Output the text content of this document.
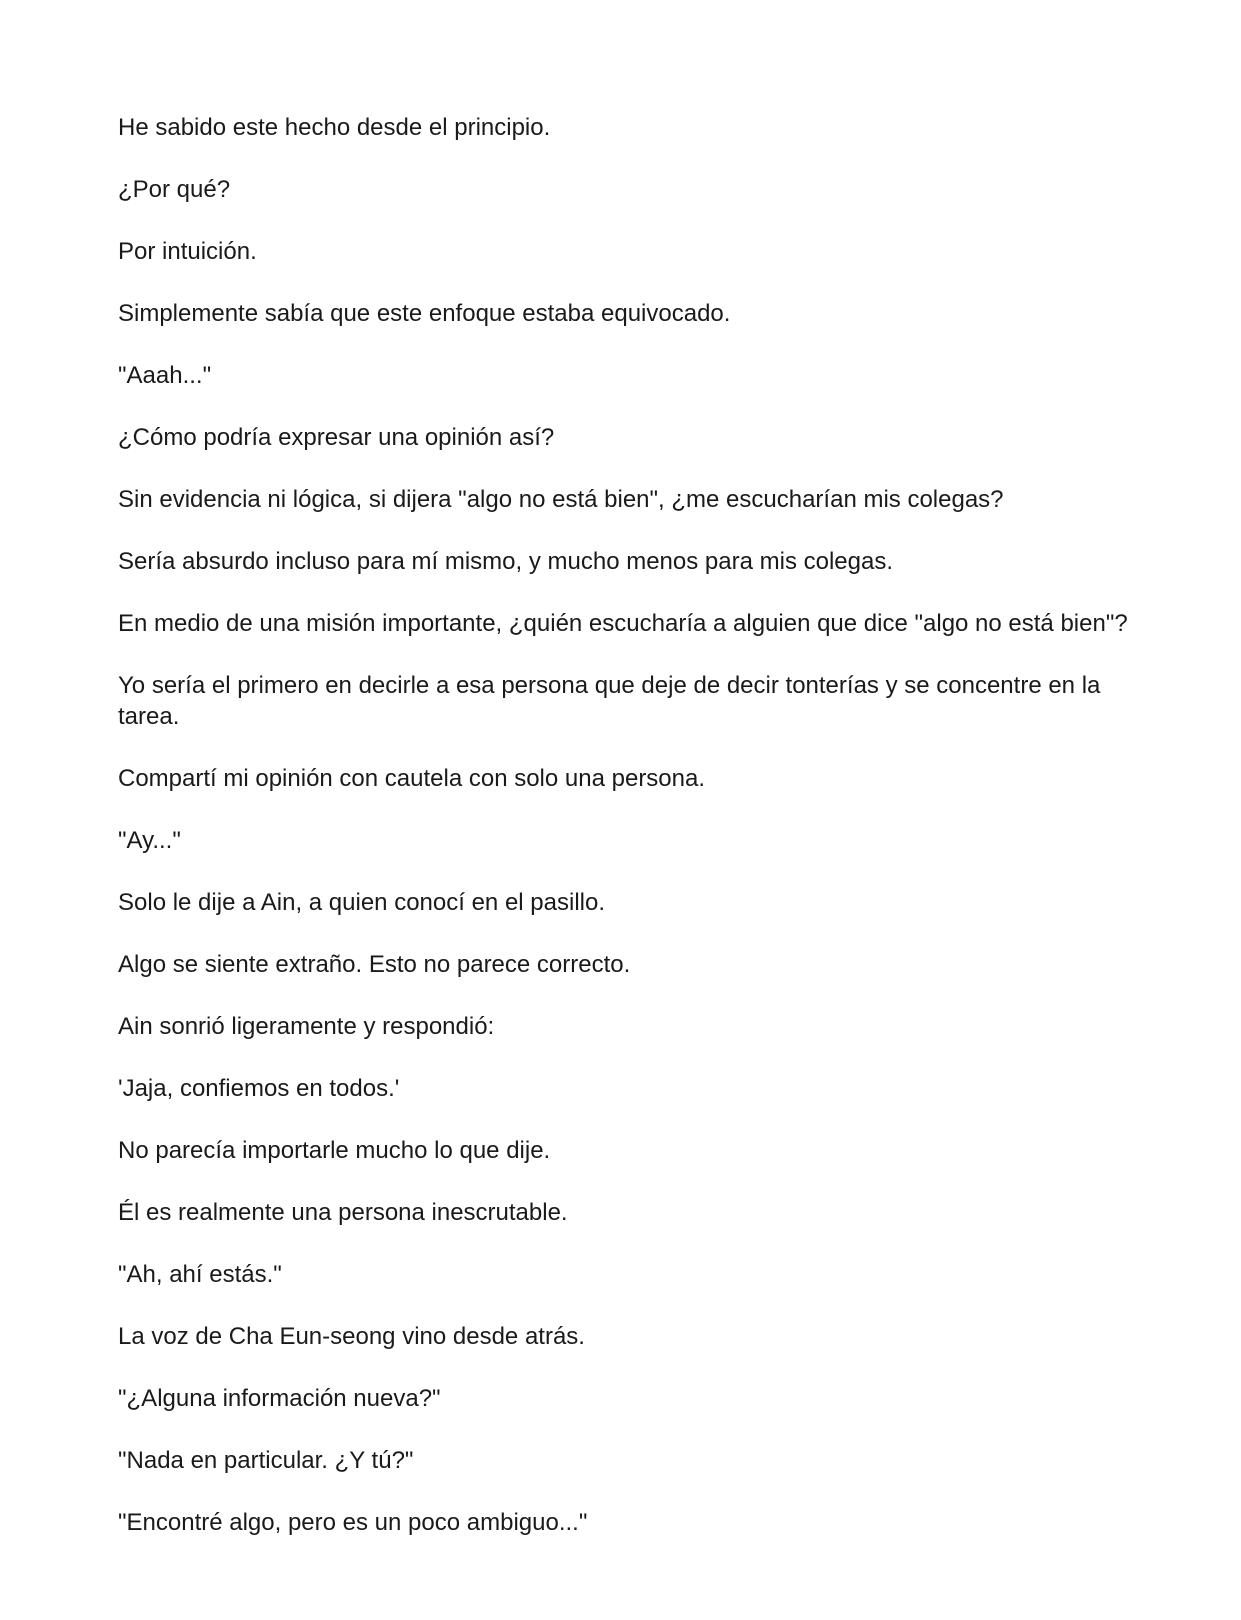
He sabido este hecho desde el principio.

¿Por qué?

Por intuición.

Simplemente sabía que este enfoque estaba equivocado.

"Aaah..."

¿Cómo podría expresar una opinión así?

Sin evidencia ni lógica, si dijera "algo no está bien", ¿me escucharían mis colegas?

Sería absurdo incluso para mí mismo, y mucho menos para mis colegas.

En medio de una misión importante, ¿quién escucharía a alguien que dice "algo no está bien"?

Yo sería el primero en decirle a esa persona que deje de decir tonterías y se concentre en la tarea.

Compartí mi opinión con cautela con solo una persona.

"Ay..."

Solo le dije a Ain, a quien conocí en el pasillo.

Algo se siente extraño. Esto no parece correcto.

Ain sonrió ligeramente y respondió:

'Jaja, confiemos en todos.'

No parecía importarle mucho lo que dije.

Él es realmente una persona inescrutable.

"Ah, ahí estás."

La voz de Cha Eun-seong vino desde atrás.

"¿Alguna información nueva?"

"Nada en particular. ¿Y tú?"

"Encontré algo, pero es un poco ambiguo..."
